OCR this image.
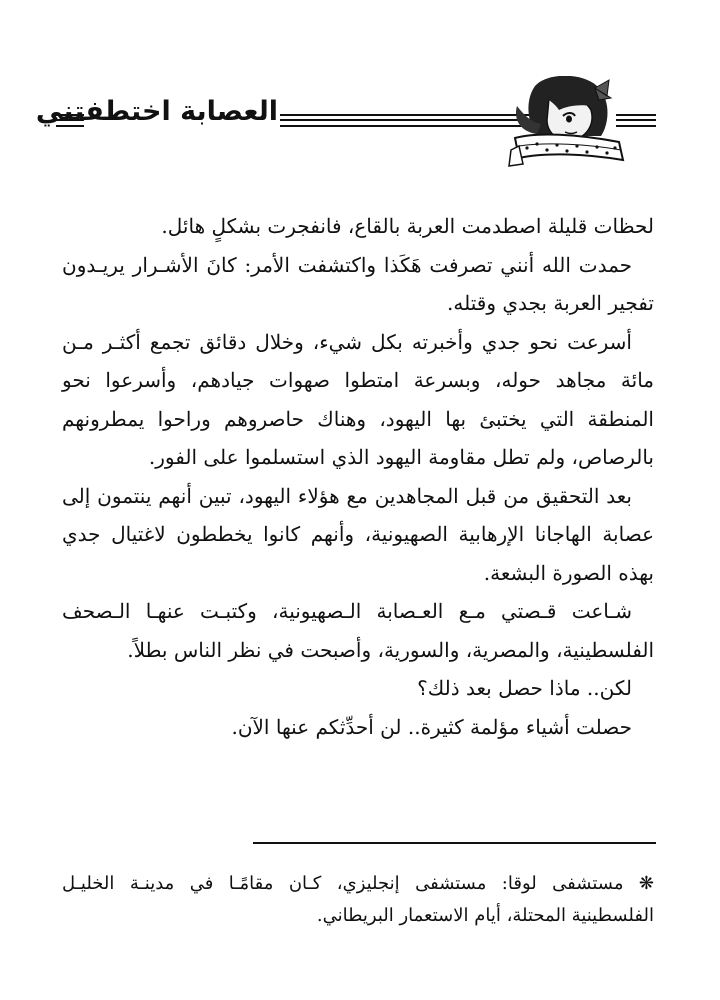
العصابة اختطفتني

لحظات قليلة اصطدمت العربة بالقاع، فانفجرت بشكلٍ هائل.

حمدت الله أنني تصرفت هَكَذا واكتشفت الأمر: كانَ الأشـرار يريـدون تفجير العربة بجدي وقتله.

أسرعت نحو جدي وأخبرته بكل شيء، وخلال دقائق تجمع أكثـر مـن مائة مجاهد حوله، وبسرعة امتطوا صهوات جيادهم، وأسرعوا نحو المنطقة التي يختبئ بها اليهود، وهناك حاصروهم وراحوا يمطرونهم بالرصاص، ولم تطل مقاومة اليهود الذي استسلموا على الفور.

بعد التحقيق من قبل المجاهدين مع هؤلاء اليهود، تبين أنهم ينتمون إلى عصابة الهاجانا الإرهابية الصهيونية، وأنهم كانوا يخططون لاغتيال جدي بهذه الصورة البشعة.

شـاعت قـصتي مـع العـصابة الـصهيونية، وكتبـت عنهـا الـصحف الفلسطينية، والمصرية، والسورية، وأصبحت في نظر الناس بطلاً.

لكن.. ماذا حصل بعد ذلك؟

حصلت أشياء مؤلمة كثيرة.. لن أحدِّثكم عنها الآن.

❋ مستشفى لوقا: مستشفى إنجليزي، كـان مقامًـا في مدينـة الخليـل الفلسطينية المحتلة، أيام الاستعمار البريطاني.
